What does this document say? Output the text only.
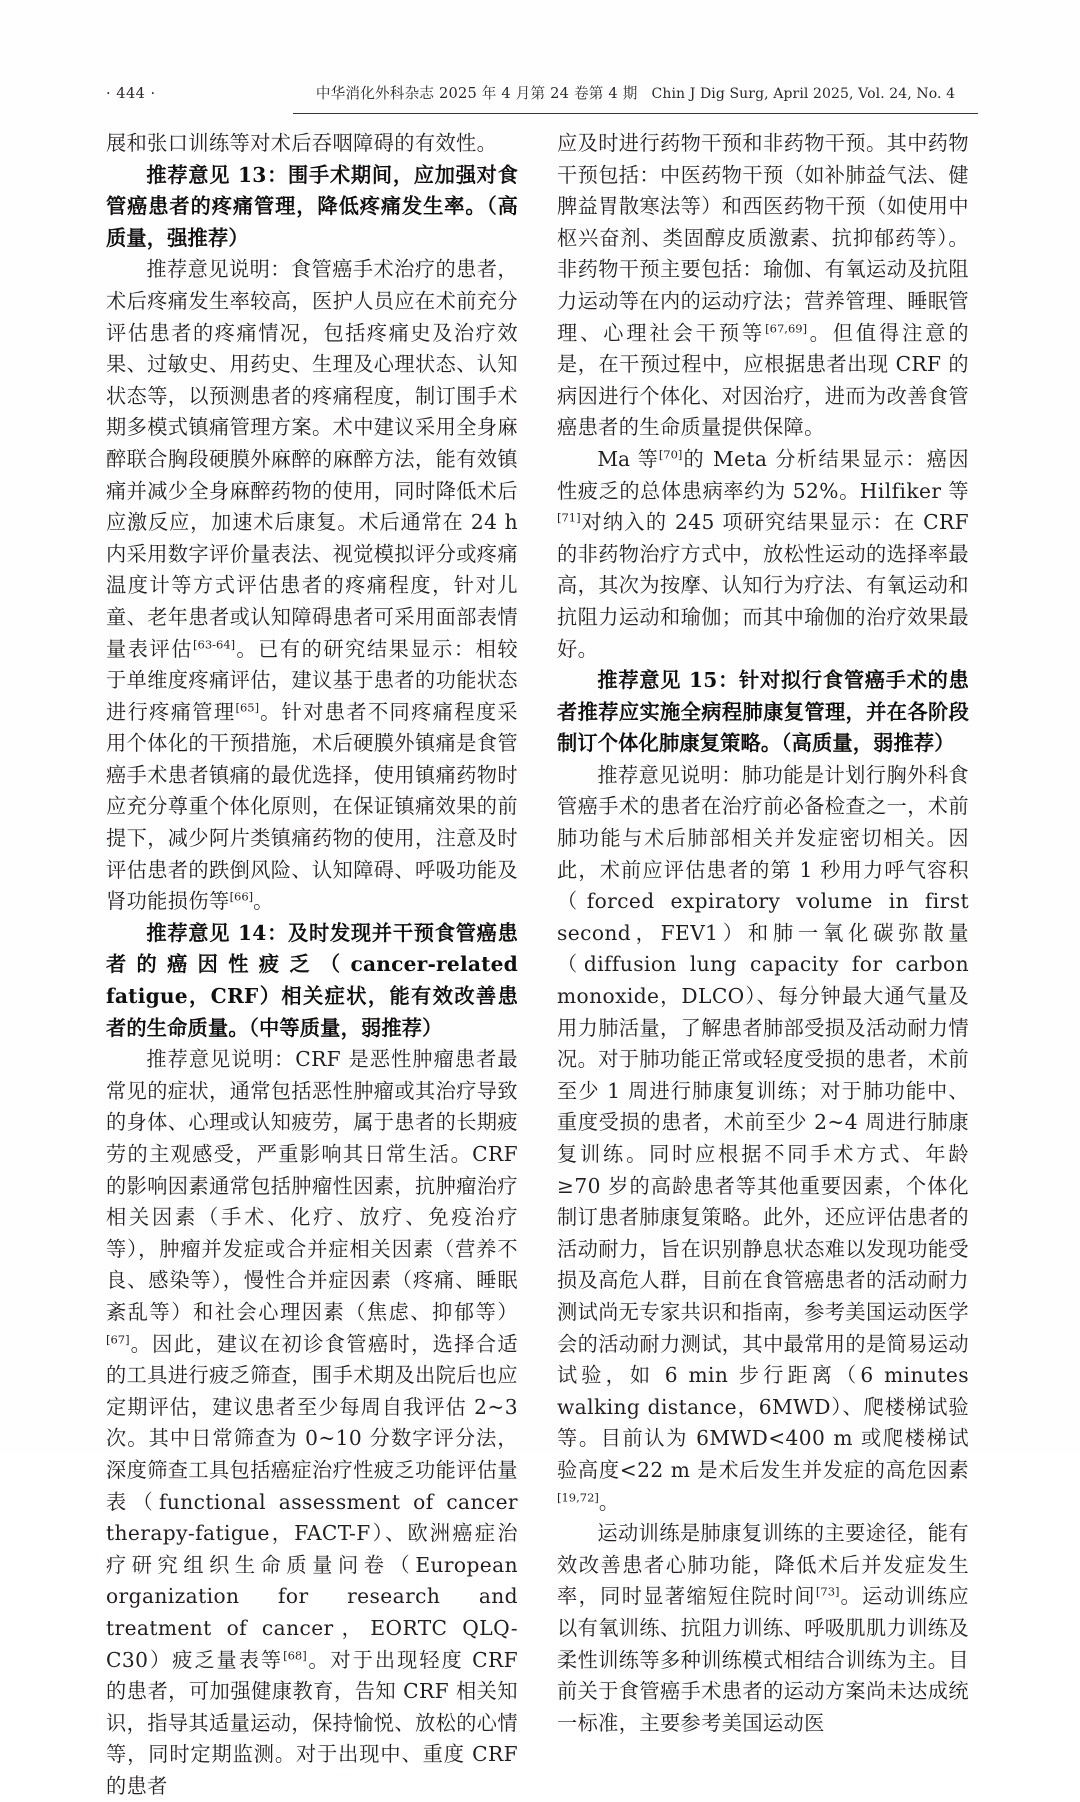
· 444 ·	中华消化外科杂志 2025 年 4 月第 24 卷第 4 期 Chin J Dig Surg, April 2025, Vol. 24, No. 4

展和张口训练等对术后吞咽障碍的有效性。

推荐意见 13：围手术期间，应加强对食管癌患者的疼痛管理，降低疼痛发生率。（高质量，强推荐）

推荐意见说明：食管癌手术治疗的患者，术后疼痛发生率较高，医护人员应在术前充分评估患者的疼痛情况，包括疼痛史及治疗效果、过敏史、用药史、生理及心理状态、认知状态等，以预测患者的疼痛程度，制订围手术期多模式镇痛管理方案。术中建议采用全身麻醉联合胸段硬膜外麻醉的麻醉方法，能有效镇痛并减少全身麻醉药物的使用，同时降低术后应激反应，加速术后康复。术后通常在 24 h 内采用数字评价量表法、视觉模拟评分或疼痛温度计等方式评估患者的疼痛程度，针对儿童、老年患者或认知障碍患者可采用面部表情量表评估[63-64]。已有的研究结果显示：相较于单维度疼痛评估，建议基于患者的功能状态进行疼痛管理[65]。针对患者不同疼痛程度采用个体化的干预措施，术后硬膜外镇痛是食管癌手术患者镇痛的最优选择，使用镇痛药物时应充分尊重个体化原则，在保证镇痛效果的前提下，减少阿片类镇痛药物的使用，注意及时评估患者的跌倒风险、认知障碍、呼吸功能及肾功能损伤等[66]。

推荐意见 14：及时发现并干预食管癌患者的癌因性疲乏（cancer-related fatigue，CRF）相关症状，能有效改善患者的生命质量。（中等质量，弱推荐）

推荐意见说明：CRF 是恶性肿瘤患者最常见的症状，通常包括恶性肿瘤或其治疗导致的身体、心理或认知疲劳，属于患者的长期疲劳的主观感受，严重影响其日常生活。CRF 的影响因素通常包括肿瘤性因素，抗肿瘤治疗相关因素（手术、化疗、放疗、免疫治疗等），肿瘤并发症或合并症相关因素（营养不良、感染等），慢性合并症因素（疼痛、睡眠紊乱等）和社会心理因素（焦虑、抑郁等）[67]。因此，建议在初诊食管癌时，选择合适的工具进行疲乏筛查，围手术期及出院后也应定期评估，建议患者至少每周自我评估 2~3 次。其中日常筛查为 0~10 分数字评分法，深度筛查工具包括癌症治疗性疲乏功能评估量表（functional assessment of cancer therapy-fatigue，FACT-F）、欧洲癌症治疗研究组织生命质量问卷（European organization for research and treatment of cancer，EORTC QLQ-C30）疲乏量表等[68]。对于出现轻度 CRF 的患者，可加强健康教育，告知 CRF 相关知识，指导其适量运动，保持愉悦、放松的心情等，同时定期监测。对于出现中、重度 CRF 的患者

应及时进行药物干预和非药物干预。其中药物干预包括：中医药物干预（如补肺益气法、健脾益胃散寒法等）和西医药物干预（如使用中枢兴奋剂、类固醇皮质激素、抗抑郁药等）。非药物干预主要包括：瑜伽、有氧运动及抗阻力运动等在内的运动疗法；营养管理、睡眠管理、心理社会干预等[67,69]。但值得注意的是，在干预过程中，应根据患者出现 CRF 的病因进行个体化、对因治疗，进而为改善食管癌患者的生命质量提供保障。

Ma 等[70]的 Meta 分析结果显示：癌因性疲乏的总体患病率约为 52%。Hilfiker 等[71]对纳入的 245 项研究结果显示：在 CRF 的非药物治疗方式中，放松性运动的选择率最高，其次为按摩、认知行为疗法、有氧运动和抗阻力运动和瑜伽；而其中瑜伽的治疗效果最好。

推荐意见 15：针对拟行食管癌手术的患者推荐应实施全病程肺康复管理，并在各阶段制订个体化肺康复策略。（高质量，弱推荐）

推荐意见说明：肺功能是计划行胸外科食管癌手术的患者在治疗前必备检查之一，术前肺功能与术后肺部相关并发症密切相关。因此，术前应评估患者的第 1 秒用力呼气容积（forced expiratory volume in first second，FEV1）和肺一氧化碳弥散量（diffusion lung capacity for carbon monoxide，DLCO）、每分钟最大通气量及用力肺活量，了解患者肺部受损及活动耐力情况。对于肺功能正常或轻度受损的患者，术前至少 1 周进行肺康复训练；对于肺功能中、重度受损的患者，术前至少 2~4 周进行肺康复训练。同时应根据不同手术方式、年龄≥70 岁的高龄患者等其他重要因素，个体化制订患者肺康复策略。此外，还应评估患者的活动耐力，旨在识别静息状态难以发现功能受损及高危人群，目前在食管癌患者的活动耐力测试尚无专家共识和指南，参考美国运动医学会的活动耐力测试，其中最常用的是简易运动试验，如 6 min 步行距离（6 minutes walking distance，6MWD）、爬楼梯试验等。目前认为 6MWD<400 m 或爬楼梯试验高度<22 m 是术后发生并发症的高危因素[19,72]。

运动训练是肺康复训练的主要途径，能有效改善患者心肺功能，降低术后并发症发生率，同时显著缩短住院时间[73]。运动训练应以有氧训练、抗阻力训练、呼吸肌肌力训练及柔性训练等多种训练模式相结合训练为主。目前关于食管癌手术患者的运动方案尚未达成统一标准，主要参考美国运动医
